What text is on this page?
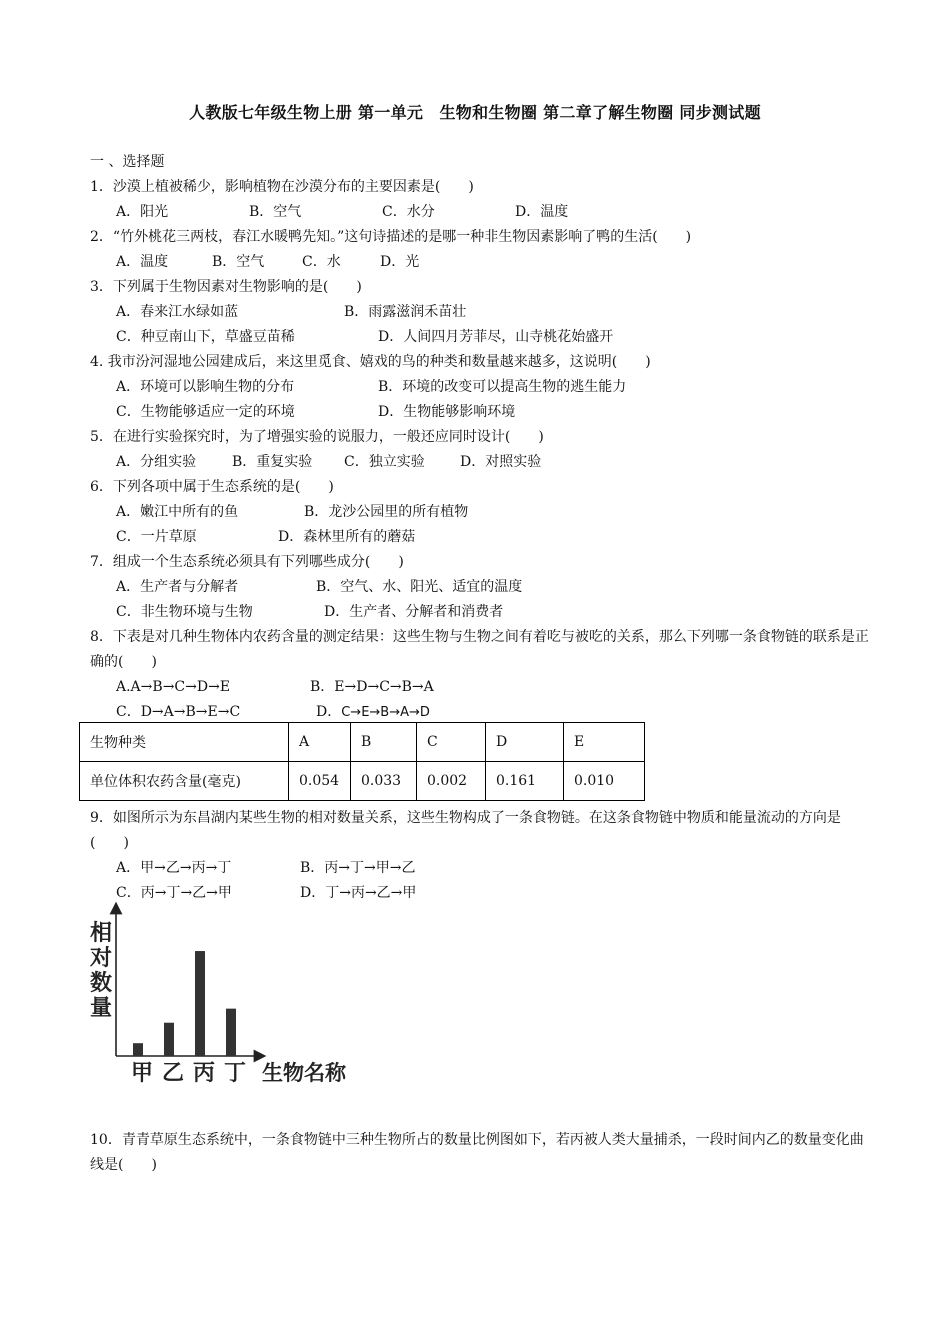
人教版七年级生物上册 第一单元　生物和生物圈 第二章了解生物圈 同步测试题
一 、选择题
1．沙漠上植被稀少，影响植物在沙漠分布的主要因素是(　　)
A．阳光	B．空气	C．水分	D．温度
2．“竹外桃花三两枝，春江水暖鸭先知。”这句诗描述的是哪一种非生物因素影响了鸭的生活(　　)
A．温度	B．空气	C．水	D．光
3．下列属于生物因素对生物影响的是(　　)
A．春来江水绿如蓝	B．雨露滋润禾苗壮
C．种豆南山下，草盛豆苗稀	D．人间四月芳菲尽，山寺桃花始盛开
4. 我市汾河湿地公园建成后，来这里觅食、嬉戏的鸟的种类和数量越来越多，这说明(　　)
A．环境可以影响生物的分布	B．环境的改变可以提高生物的逃生能力
C．生物能够适应一定的环境	D．生物能够影响环境
5．在进行实验探究时，为了增强实验的说服力，一般还应同时设计(　　)
A．分组实验	B．重复实验 C．独立实验	D．对照实验
6．下列各项中属于生态系统的是(　　)
A．嫩江中所有的鱼	B．龙沙公园里的所有植物
C．一片草原	D．森林里所有的蘑菇
7．组成一个生态系统必须具有下列哪些成分(　　)
A．生产者与分解者	B．空气、水、阳光、适宜的温度
C．非生物环境与生物	D．生产者、分解者和消费者
8．下表是对几种生物体内农药含量的测定结果：这些生物与生物之间有着吃与被吃的关系，那么下列哪一条食物链的联系是正确的(　　)
A.A→B→C→D→E	B．E→D→C→B→A
C．D→A→B→E→C	D．C→E→B→A→D
生物种类	A	B	C	D	E
单位体积农药含量(毫克)	0.054	0.033	0.002	0.161	0.010
9．如图所示为东昌湖内某些生物的相对数量关系，这些生物构成了一条食物链。在这条食物链中物质和能量流动的方向是(　　)
A．甲→乙→丙→丁	B．丙→丁→甲→乙
C．丙→丁→乙→甲	D．丁→丙→乙→甲
相
对
数
量
甲 乙 丙 丁 生物名称
10．青青草原生态系统中，一条食物链中三种生物所占的数量比例图如下，若丙被人类大量捕杀，一段时间内乙的数量变化曲线是(　　)
